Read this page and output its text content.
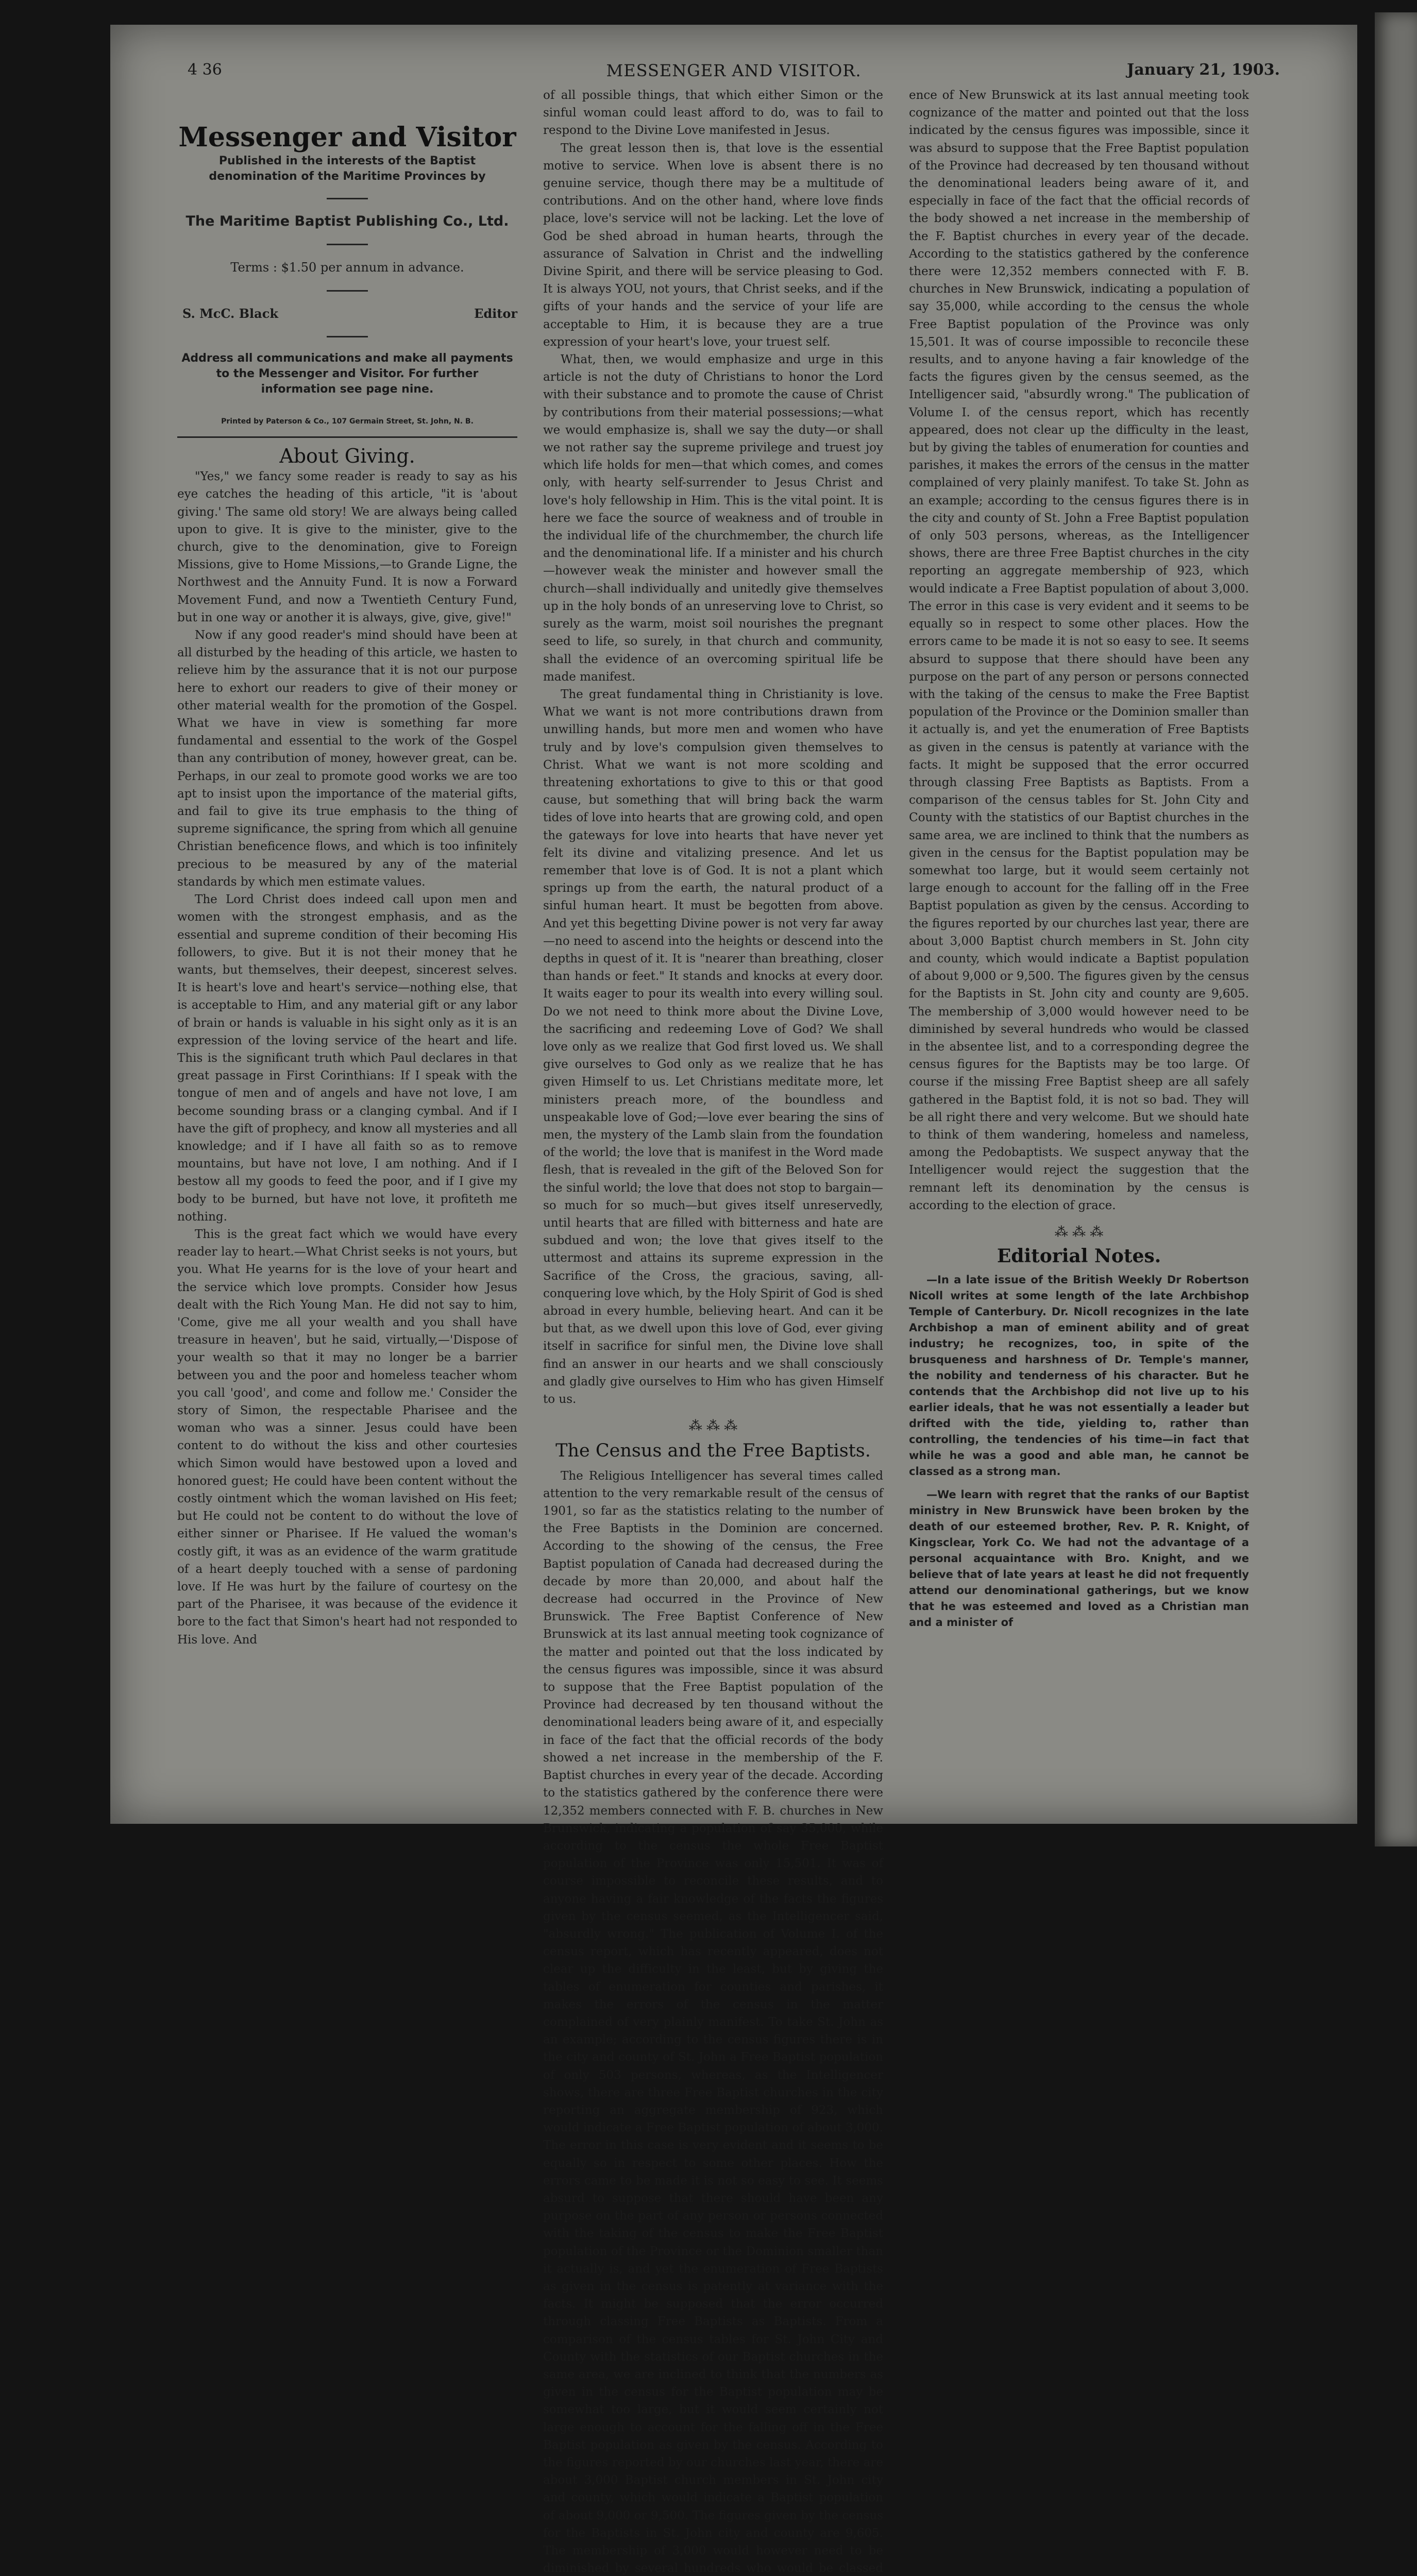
MESSENGER AND VISITOR.
4 36	January 21, 1903.
Messenger and Visitor
Published in the interests of the Baptist denomination of the Maritime Provinces by
The Maritime Baptist Publishing Co., Ltd.
Terms : $1.50 per annum in advance.
S. McC. Black	Editor
Address all communications and make all payments to the Messenger and Visitor. For further information see page nine.
Printed by Paterson & Co., 107 Germain Street, St. John, N. B.
About Giving.

"Yes," we fancy some reader is ready to say as his eye catches the heading of this article, "it is 'about giving.' The same old story! We are always being called upon to give. It is give to the minister, give to the church, give to the denomination, give to Foreign Missions, give to Home Missions,—to Grande Ligne, the Northwest and the Annuity Fund. It is now a Forward Movement Fund, and now a Twentieth Century Fund, but in one way or another it is always, give, give, give!"

Now if any good reader's mind should have been at all disturbed by the heading of this article, we hasten to relieve him by the assurance that it is not our purpose here to exhort our readers to give of their money or other material wealth for the promotion of the Gospel. What we have in view is something far more fundamental and essential to the work of the Gospel than any contribution of money, however great, can be. Perhaps, in our zeal to promote good works we are too apt to insist upon the importance of the material gifts, and fail to give its true emphasis to the thing of supreme significance, the spring from which all genuine Christian beneficence flows, and which is too infinitely precious to be measured by any of the material standards by which men estimate values.

The Lord Christ does indeed call upon men and women with the strongest emphasis, and as the essential and supreme condition of their becoming His followers, to give. But it is not their money that he wants, but themselves, their deepest, sincerest selves. It is heart's love and heart's service—nothing else, that is acceptable to Him, and any material gift or any labor of brain or hands is valuable in his sight only as it is an expression of the loving service of the heart and life. This is the significant truth which Paul declares in that great passage in First Corinthians: If I speak with the tongue of men and of angels and have not love, I am become sounding brass or a clanging cymbal. And if I have the gift of prophecy, and know all mysteries and all knowledge; and if I have all faith so as to remove mountains, but have not love, I am nothing. And if I bestow all my goods to feed the poor, and if I give my body to be burned, but have not love, it profiteth me nothing.

This is the great fact which we would have every reader lay to heart.—What Christ seeks is not yours, but you. What He yearns for is the love of your heart and the service which love prompts. Consider how Jesus dealt with the Rich Young Man. He did not say to him, 'Come, give me all your wealth and you shall have treasure in heaven', but he said, virtually,—'Dispose of your wealth so that it may no longer be a barrier between you and the poor and homeless teacher whom you call 'good', and come and follow me.' Consider the story of Simon, the respectable Pharisee and the woman who was a sinner. Jesus could have been content to do without the kiss and other courtesies which Simon would have bestowed upon a loved and honored guest; He could have been content without the costly ointment which the woman lavished on His feet; but He could not be content to do without the love of either sinner or Pharisee. If He valued the woman's costly gift, it was as an evidence of the warm gratitude of a heart deeply touched with a sense of pardoning love. If He was hurt by the failure of courtesy on the part of the Pharisee, it was because of the evidence it bore to the fact that Simon's heart had not responded to His love. And

of all possible things, that which either Simon or the sinful woman could least afford to do, was to fail to respond to the Divine Love manifested in Jesus.

The great lesson then is, that love is the essential motive to service. When love is absent there is no genuine service, though there may be a multitude of contributions. And on the other hand, where love finds place, love's service will not be lacking. Let the love of God be shed abroad in human hearts, through the assurance of Salvation in Christ and the indwelling Divine Spirit, and there will be service pleasing to God. It is always YOU, not yours, that Christ seeks, and if the gifts of your hands and the service of your life are acceptable to Him, it is because they are a true expression of your heart's love, your truest self.

What, then, we would emphasize and urge in this article is not the duty of Christians to honor the Lord with their substance and to promote the cause of Christ by contributions from their material possessions;—what we would emphasize is, shall we say the duty—or shall we not rather say the supreme privilege and truest joy which life holds for men—that which comes, and comes only, with hearty self-surrender to Jesus Christ and love's holy fellowship in Him. This is the vital point. It is here we face the source of weakness and of trouble in the individual life of the churchmember, the church life and the denominational life. If a minister and his church—however weak the minister and however small the church—shall individually and unitedly give themselves up in the holy bonds of an unreserving love to Christ, so surely as the warm, moist soil nourishes the pregnant seed to life, so surely, in that church and community, shall the evidence of an overcoming spiritual life be made manifest.

The great fundamental thing in Christianity is love. What we want is not more contributions drawn from unwilling hands, but more men and women who have truly and by love's compulsion given themselves to Christ. What we want is not more scolding and threatening exhortations to give to this or that good cause, but something that will bring back the warm tides of love into hearts that are growing cold, and open the gateways for love into hearts that have never yet felt its divine and vitalizing presence. And let us remember that love is of God. It is not a plant which springs up from the earth, the natural product of a sinful human heart. It must be begotten from above. And yet this begetting Divine power is not very far away—no need to ascend into the heights or descend into the depths in quest of it. It is "nearer than breathing, closer than hands or feet." It stands and knocks at every door. It waits eager to pour its wealth into every willing soul. Do we not need to think more about the Divine Love, the sacrificing and redeeming Love of God? We shall love only as we realize that God first loved us. We shall give ourselves to God only as we realize that he has given Himself to us. Let Christians meditate more, let ministers preach more, of the boundless and unspeakable love of God;—love ever bearing the sins of men, the mystery of the Lamb slain from the foundation of the world; the love that is manifest in the Word made flesh, that is revealed in the gift of the Beloved Son for the sinful world; the love that does not stop to bargain—so much for so much—but gives itself unreservedly, until hearts that are filled with bitterness and hate are subdued and won; the love that gives itself to the uttermost and attains its supreme expression in the Sacrifice of the Cross, the gracious, saving, all-conquering love which, by the Holy Spirit of God is shed abroad in every humble, believing heart. And can it be but that, as we dwell upon this love of God, ever giving itself in sacrifice for sinful men, the Divine love shall find an answer in our hearts and we shall consciously and gladly give ourselves to Him who has given Himself to us.

⁂ ⁂ ⁂
The Census and the Free Baptists.

The Religious Intelligencer has several times called attention to the very remarkable result of the census of 1901, so far as the statistics relating to the number of the Free Baptists in the Dominion are concerned. According to the showing of the census, the Free Baptist population of Canada had decreased during the decade by more than 20,000, and about half the decrease had occurred in the Province of New Brunswick. The Free Baptist Conference of New Brunswick at its last annual meeting took cognizance of the matter and pointed out that the loss indicated by the census figures was impossible, since it was absurd to suppose that the Free Baptist population of the Province had decreased by ten thousand without the denominational leaders being aware of it, and especially in face of the fact that the official records of the body showed a net increase in the membership of the F. Baptist churches in every year of the decade. According to the statistics gathered by the conference there were 12,352 members connected with F. B. churches in New Brunswick, indicating a population of say 35,000, while according to the census the whole Free Baptist population of the Province was only 15,501. It was of course impossible to reconcile these results, and to anyone having a fair knowledge of the facts the figures given by the census seemed, as the Intelligencer said, "absurdly wrong." The publication of Volume I. of the census report, which has recently appeared, does not clear up the difficulty in the least, but by giving the tables of enumeration for counties and parishes, it makes the errors of the census in the matter complained of very plainly manifest. To take St. John as an example; according to the census figures there is in the city and county of St. John a Free Baptist population of only 503 persons, whereas, as the Intelligencer shows, there are three Free Baptist churches in the city reporting an aggregate membership of 923, which would indicate a Free Baptist population of about 3,000. The error in this case is very evident and it seems to be equally so in respect to some other places. How the errors came to be made it is not so easy to see. It seems absurd to suppose that there should have been any purpose on the part of any person or persons connected with the taking of the census to make the Free Baptist population of the Province or the Dominion smaller than it actually is, and yet the enumeration of Free Baptists as given in the census is patently at variance with the facts. It might be supposed that the error occurred through classing Free Baptists as Baptists. From a comparison of the census tables for St. John City and County with the statistics of our Baptist churches in the same area, we are inclined to think that the numbers as given in the census for the Baptist population may be somewhat too large, but it would seem certainly not large enough to account for the falling off in the Free Baptist population as given by the census. According to the figures reported by our churches last year, there are about 3,000 Baptist church members in St. John city and county, which would indicate a Baptist population of about 9,000 or 9,500. The figures given by the census for the Baptists in St. John city and county are 9,605. The membership of 3,000 would however need to be diminished by several hundreds who would be classed

ence of New Brunswick at its last annual meeting took cognizance of the matter and pointed out that the loss indicated by the census figures was impossible, since it was absurd to suppose that the Free Baptist population of the Province had decreased by ten thousand without the denominational leaders being aware of it, and especially in face of the fact that the official records of the body showed a net increase in the membership of the F. Baptist churches in every year of the decade. According to the statistics gathered by the conference there were 12,352 members connected with F. B. churches in New Brunswick, indicating a population of say 35,000, while according to the census the whole Free Baptist population of the Province was only 15,501. It was of course impossible to reconcile these results, and to anyone having a fair knowledge of the facts the figures given by the census seemed, as the Intelligencer said, "absurdly wrong." The publication of Volume I. of the census report, which has recently appeared, does not clear up the difficulty in the least, but by giving the tables of enumeration for counties and parishes, it makes the errors of the census in the matter complained of very plainly manifest. To take St. John as an example; according to the census figures there is in the city and county of St. John a Free Baptist population of only 503 persons, whereas, as the Intelligencer shows, there are three Free Baptist churches in the city reporting an aggregate membership of 923, which would indicate a Free Baptist population of about 3,000. The error in this case is very evident and it seems to be equally so in respect to some other places. How the errors came to be made it is not so easy to see. It seems absurd to suppose that there should have been any purpose on the part of any person or persons connected with the taking of the census to make the Free Baptist population of the Province or the Dominion smaller than it actually is, and yet the enumeration of Free Baptists as given in the census is patently at variance with the facts. It might be supposed that the error occurred through classing Free Baptists as Baptists. From a comparison of the census tables for St. John City and County with the statistics of our Baptist churches in the same area, we are inclined to think that the numbers as given in the census for the Baptist population may be somewhat too large, but it would seem certainly not large enough to account for the falling off in the Free Baptist population as given by the census. According to the figures reported by our churches last year, there are about 3,000 Baptist church members in St. John city and county, which would indicate a Baptist population of about 9,000 or 9,500. The figures given by the census for the Baptists in St. John city and county are 9,605. The membership of 3,000 would however need to be diminished by several hundreds who would be classed in the absentee list, and to a corresponding degree the census figures for the Baptists may be too large. Of course if the missing Free Baptist sheep are all safely gathered in the Baptist fold, it is not so bad. They will be all right there and very welcome. But we should hate to think of them wandering, homeless and nameless, among the Pedobaptists. We suspect anyway that the Intelligencer would reject the suggestion that the remnant left its denomination by the census is according to the election of grace.

⁂ ⁂ ⁂
Editorial Notes.

—In a late issue of the British Weekly Dr Robertson Nicoll writes at some length of the late Archbishop Temple of Canterbury. Dr. Nicoll recognizes in the late Archbishop a man of eminent ability and of great industry; he recognizes, too, in spite of the brusqueness and harshness of Dr. Temple's manner, the nobility and tenderness of his character. But he contends that the Archbishop did not live up to his earlier ideals, that he was not essentially a leader but drifted with the tide, yielding to, rather than controlling, the tendencies of his time—in fact that while he was a good and able man, he cannot be classed as a strong man.

—We learn with regret that the ranks of our Baptist ministry in New Brunswick have been broken by the death of our esteemed brother, Rev. P. R. Knight, of Kingsclear, York Co. We had not the advantage of a personal acquaintance with Bro. Knight, and we believe that of late years at least he did not frequently attend our denominational gatherings, but we know that he was esteemed and loved as a Christian man and a minister of
